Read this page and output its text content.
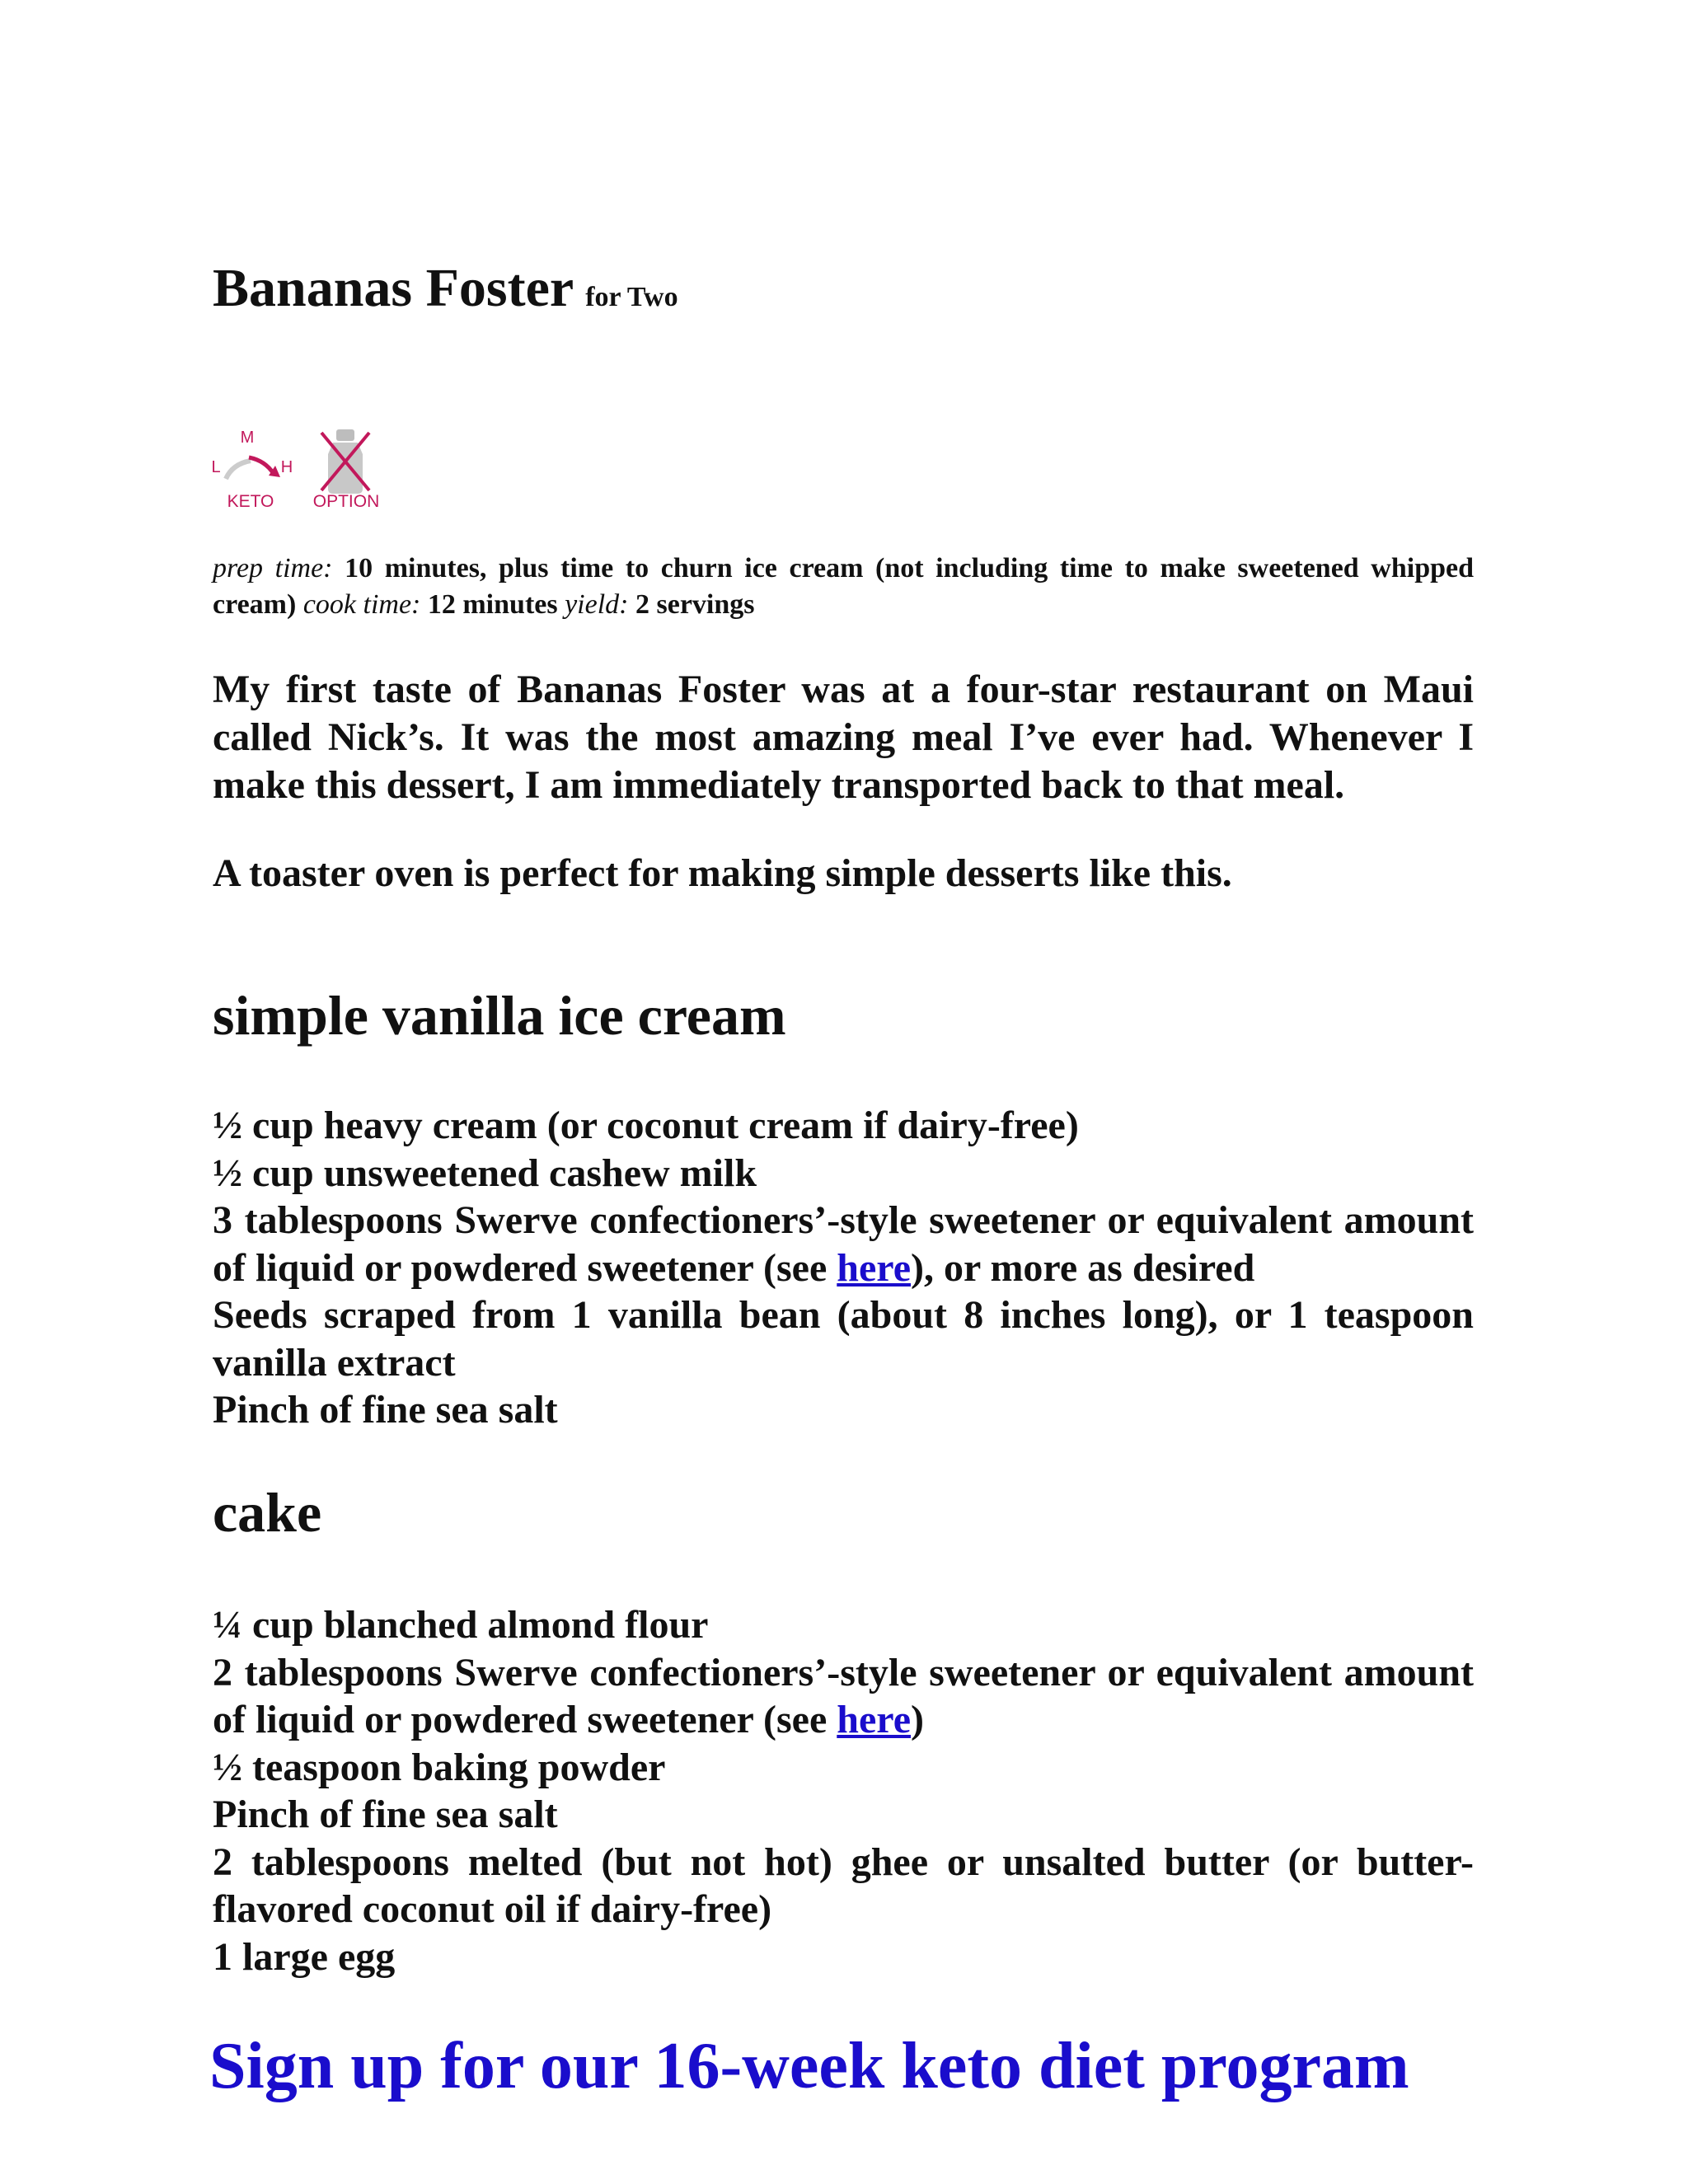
Bananas Foster for Two
M
L	H
KETO OPTION

prep time: 10 minutes, plus time to churn ice cream (not including time to make sweetened whipped cream) cook time: 12 minutes yield: 2 servings

My first taste of Bananas Foster was at a four-star restaurant on Maui called Nick’s. It was the most amazing meal I’ve ever had. Whenever I make this dessert, I am immediately transported back to that meal.

A toaster oven is perfect for making simple desserts like this.

simple vanilla ice cream
½ cup heavy cream (or coconut cream if dairy-free)
½ cup unsweetened cashew milk
3 tablespoons Swerve confectioners’-style sweetener or equivalent amount of liquid or powdered sweetener (see here), or more as desired
Seeds scraped from 1 vanilla bean (about 8 inches long), or 1 teaspoon vanilla extract
Pinch of fine sea salt
cake
¼ cup blanched almond flour
2 tablespoons Swerve confectioners’-style sweetener or equivalent amount of liquid or powdered sweetener (see here)
½ teaspoon baking powder
Pinch of fine sea salt
2 tablespoons melted (but not hot) ghee or unsalted butter (or butter-flavored coconut oil if dairy-free)
1 large egg
Sign up for our 16-week keto diet program
